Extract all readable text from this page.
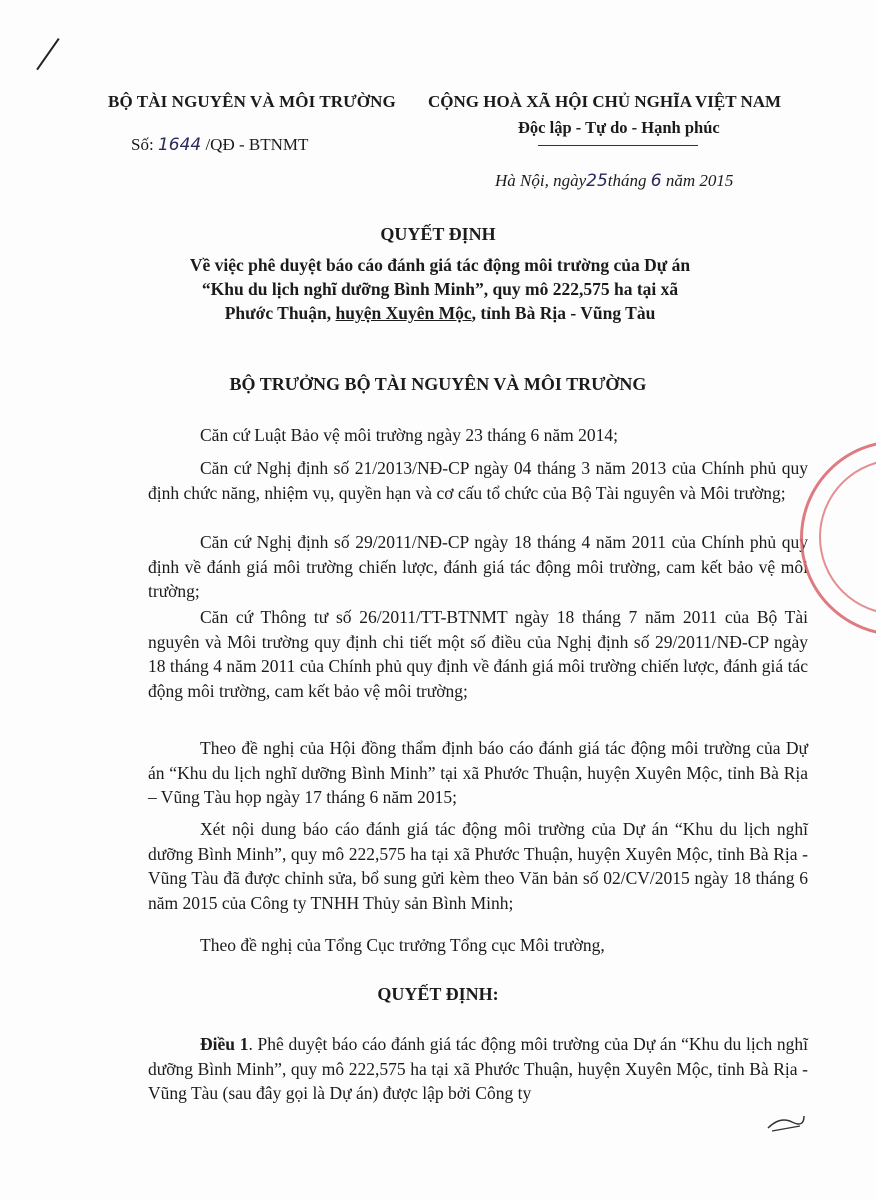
BỘ TÀI NGUYÊN VÀ MÔI TRƯỜNG CỘNG HOÀ XÃ HỘI CHỦ NGHĨA VIỆT NAM
Độc lập - Tự do - Hạnh phúc
Số: 1644 /QĐ - BTNMT
Hà Nội, ngày25tháng 6 năm 2015
QUYẾT ĐỊNH
Về việc phê duyệt báo cáo đánh giá tác động môi trường của Dự án
“Khu du lịch nghĩ dưỡng Bình Minh”, quy mô 222,575 ha tại xã
Phước Thuận, huyện Xuyên Mộc, tỉnh Bà Rịa - Vũng Tàu
BỘ TRƯỞNG BỘ TÀI NGUYÊN VÀ MÔI TRƯỜNG
Căn cứ Luật Bảo vệ môi trường ngày 23 tháng 6 năm 2014;
Căn cứ Nghị định số 21/2013/NĐ-CP ngày 04 tháng 3 năm 2013 của Chính phủ quy định chức năng, nhiệm vụ, quyền hạn và cơ cấu tổ chức của Bộ Tài nguyên và Môi trường;
Căn cứ Nghị định số 29/2011/NĐ-CP ngày 18 tháng 4 năm 2011 của Chính phủ quy định về đánh giá môi trường chiến lược, đánh giá tác động môi trường, cam kết bảo vệ môi trường;
Căn cứ Thông tư số 26/2011/TT-BTNMT ngày 18 tháng 7 năm 2011 của Bộ Tài nguyên và Môi trường quy định chi tiết một số điều của Nghị định số 29/2011/NĐ-CP ngày 18 tháng 4 năm 2011 của Chính phủ quy định về đánh giá môi trường chiến lược, đánh giá tác động môi trường, cam kết bảo vệ môi trường;
Theo đề nghị của Hội đồng thẩm định báo cáo đánh giá tác động môi trường của Dự án “Khu du lịch nghĩ dưỡng Bình Minh” tại xã Phước Thuận, huyện Xuyên Mộc, tỉnh Bà Rịa – Vũng Tàu họp ngày 17 tháng 6 năm 2015;
Xét nội dung báo cáo đánh giá tác động môi trường của Dự án “Khu du lịch nghĩ dưỡng Bình Minh”, quy mô 222,575 ha tại xã Phước Thuận, huyện Xuyên Mộc, tỉnh Bà Rịa - Vũng Tàu đã được chỉnh sửa, bổ sung gửi kèm theo Văn bản số 02/CV/2015 ngày 18 tháng 6 năm 2015 của Công ty TNHH Thủy sản Bình Minh;
Theo đề nghị của Tổng Cục trưởng Tổng cục Môi trường,
QUYẾT ĐỊNH:
Điều 1. Phê duyệt báo cáo đánh giá tác động môi trường của Dự án “Khu du lịch nghĩ dưỡng Bình Minh”, quy mô 222,575 ha tại xã Phước Thuận, huyện Xuyên Mộc, tỉnh Bà Rịa - Vũng Tàu (sau đây gọi là Dự án) được lập bởi Công ty
